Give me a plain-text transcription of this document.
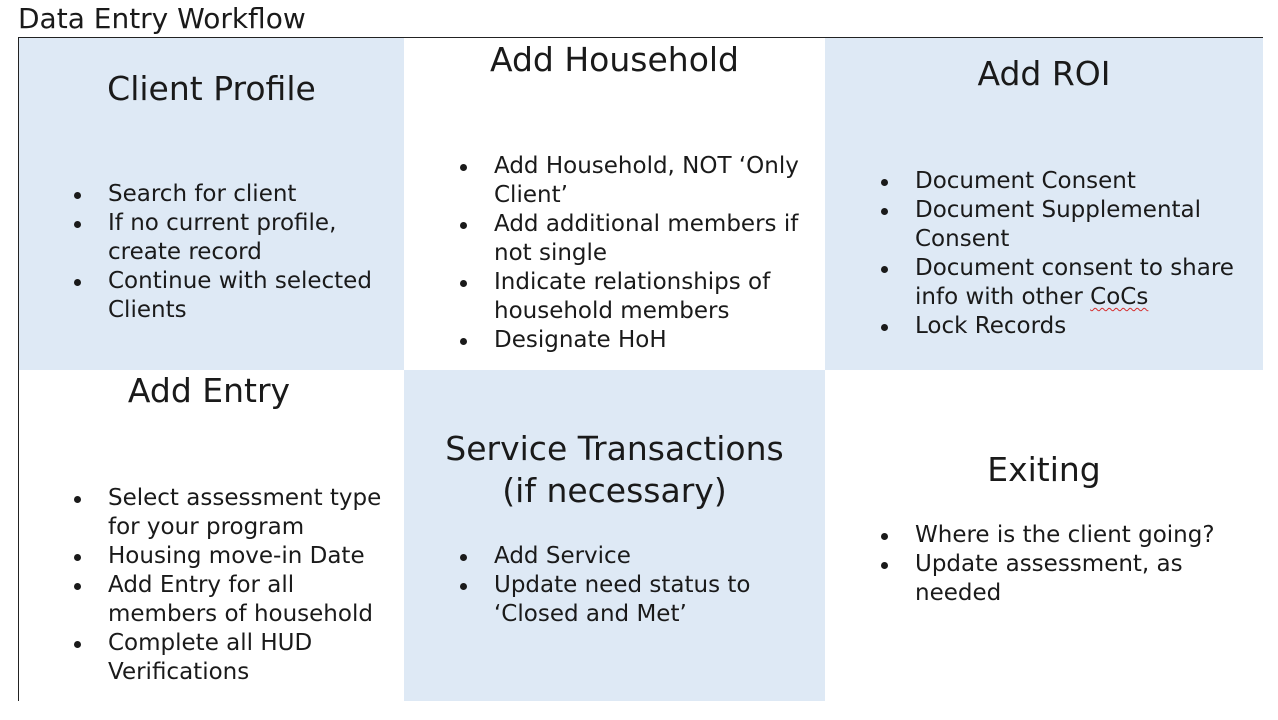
Data Entry Workflow
Client Profile
Search for client
If no current profile, create record
Continue with selected Clients
Add Household
Add Household, NOT ‘Only Client’
Add additional members if not single
Indicate relationships of household members
Designate HoH
Add ROI
Document Consent
Document Supplemental Consent
Document consent to share info with other CoCs
Lock Records
Add Entry
Select assessment type for your program
Housing move-in Date
Add Entry for all members of household
Complete all HUD Verifications
Service Transactions (if necessary)
Add Service
Update need status to ‘Closed and Met’
Exiting
Where is the client going?
Update assessment, as needed
